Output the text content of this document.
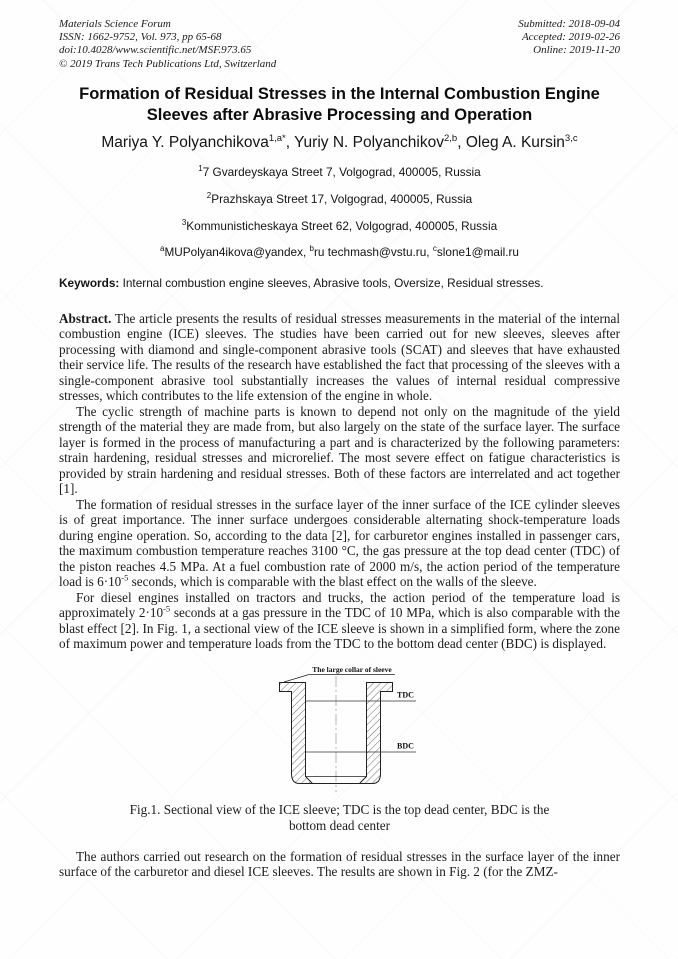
Materials Science Forum
ISSN: 1662-9752, Vol. 973, pp 65-68
doi:10.4028/www.scientific.net/MSF.973.65
© 2019 Trans Tech Publications Ltd, Switzerland
Submitted: 2018-09-04
Accepted: 2019-02-26
Online: 2019-11-20
Formation of Residual Stresses in the Internal Combustion Engine Sleeves after Abrasive Processing and Operation
Mariya Y. Polyanchikova$^{1,a*}$, Yuriy N. Polyanchikov$^{2,b}$, Oleg A. Kursin$^{3,c}$
$^1$7 Gvardeyskaya Street 7, Volgograd, 400005, Russia
$^2$Prazhskaya Street 17, Volgograd, 400005, Russia
$^3$Kommunisticheskaya Street 62, Volgograd, 400005, Russia
$^a$MUPolyan4ikova@yandex, $^b$ru techmash@vstu.ru, $^c$slone1@mail.ru
Keywords: Internal combustion engine sleeves, Abrasive tools, Oversize, Residual stresses.
Abstract. The article presents the results of residual stresses measurements in the material of the internal combustion engine (ICE) sleeves. The studies have been carried out for new sleeves, sleeves after processing with diamond and single-component abrasive tools (SCAT) and sleeves that have exhausted their service life. The results of the research have established the fact that processing of the sleeves with a single-component abrasive tool substantially increases the values of internal residual compressive stresses, which contributes to the life extension of the engine in whole.
The cyclic strength of machine parts is known to depend not only on the magnitude of the yield strength of the material they are made from, but also largely on the state of the surface layer. The surface layer is formed in the process of manufacturing a part and is characterized by the following parameters: strain hardening, residual stresses and microrelief. The most severe effect on fatigue characteristics is provided by strain hardening and residual stresses. Both of these factors are interrelated and act together [1].
The formation of residual stresses in the surface layer of the inner surface of the ICE cylinder sleeves is of great importance. The inner surface undergoes considerable alternating shock-temperature loads during engine operation. So, according to the data [2], for carburetor engines installed in passenger cars, the maximum combustion temperature reaches 3100 °C, the gas pressure at the top dead center (TDC) of the piston reaches 4.5 MPa. At a fuel combustion rate of 2000 m/s, the action period of the temperature load is $6\cdot 10^{-5}$ seconds, which is comparable with the blast effect on the walls of the sleeve.
For diesel engines installed on tractors and trucks, the action period of the temperature load is approximately $2\cdot 10^{-5}$ seconds at a gas pressure in the TDC of 10 MPa, which is also comparable with the blast effect [2]. In Fig. 1, a sectional view of the ICE sleeve is shown in a simplified form, where the zone of maximum power and temperature loads from the TDC to the bottom dead center (BDC) is displayed.
The large collar of sleeve
TDC
BDC
Fig.1. Sectional view of the ICE sleeve; TDC is the top dead center, BDC is the bottom dead center
The authors carried out research on the formation of residual stresses in the surface layer of the inner surface of the carburetor and diesel ICE sleeves. The results are shown in Fig. 2 (for the ZMZ-
